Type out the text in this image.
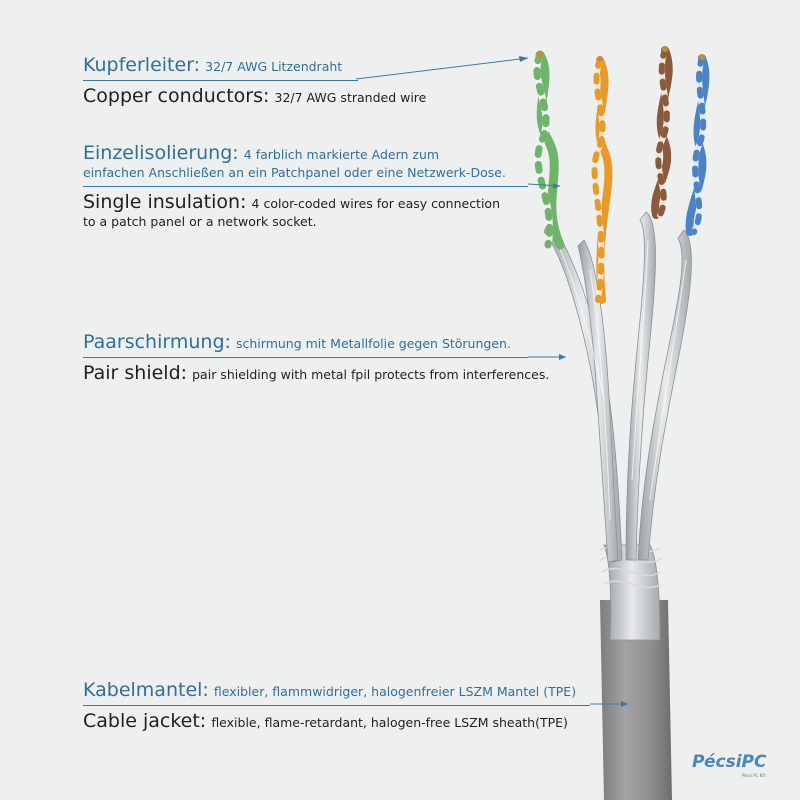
Kupferleiter: 32/7 AWG Litzendraht
Copper conductors: 32/7 AWG stranded wire
Einzelisolierung: 4 farblich markierte Adern zum
einfachen Anschließen an ein Patchpanel oder eine Netzwerk-Dose.
Single insulation: 4 color-coded wires for easy connection
to a patch panel or a network socket.
Paarschirmung: schirmung mit Metallfolie gegen Störungen.
Pair shield: pair shielding with metal fpil protects from interferences.
Kabelmantel: flexibler, flammwidriger, halogenfreier LSZM Mantel (TPE)
Cable jacket: flexible, flame-retardant, halogen-free LSZM sheath(TPE)
PécsiPC
Pécsi PC Kft.
